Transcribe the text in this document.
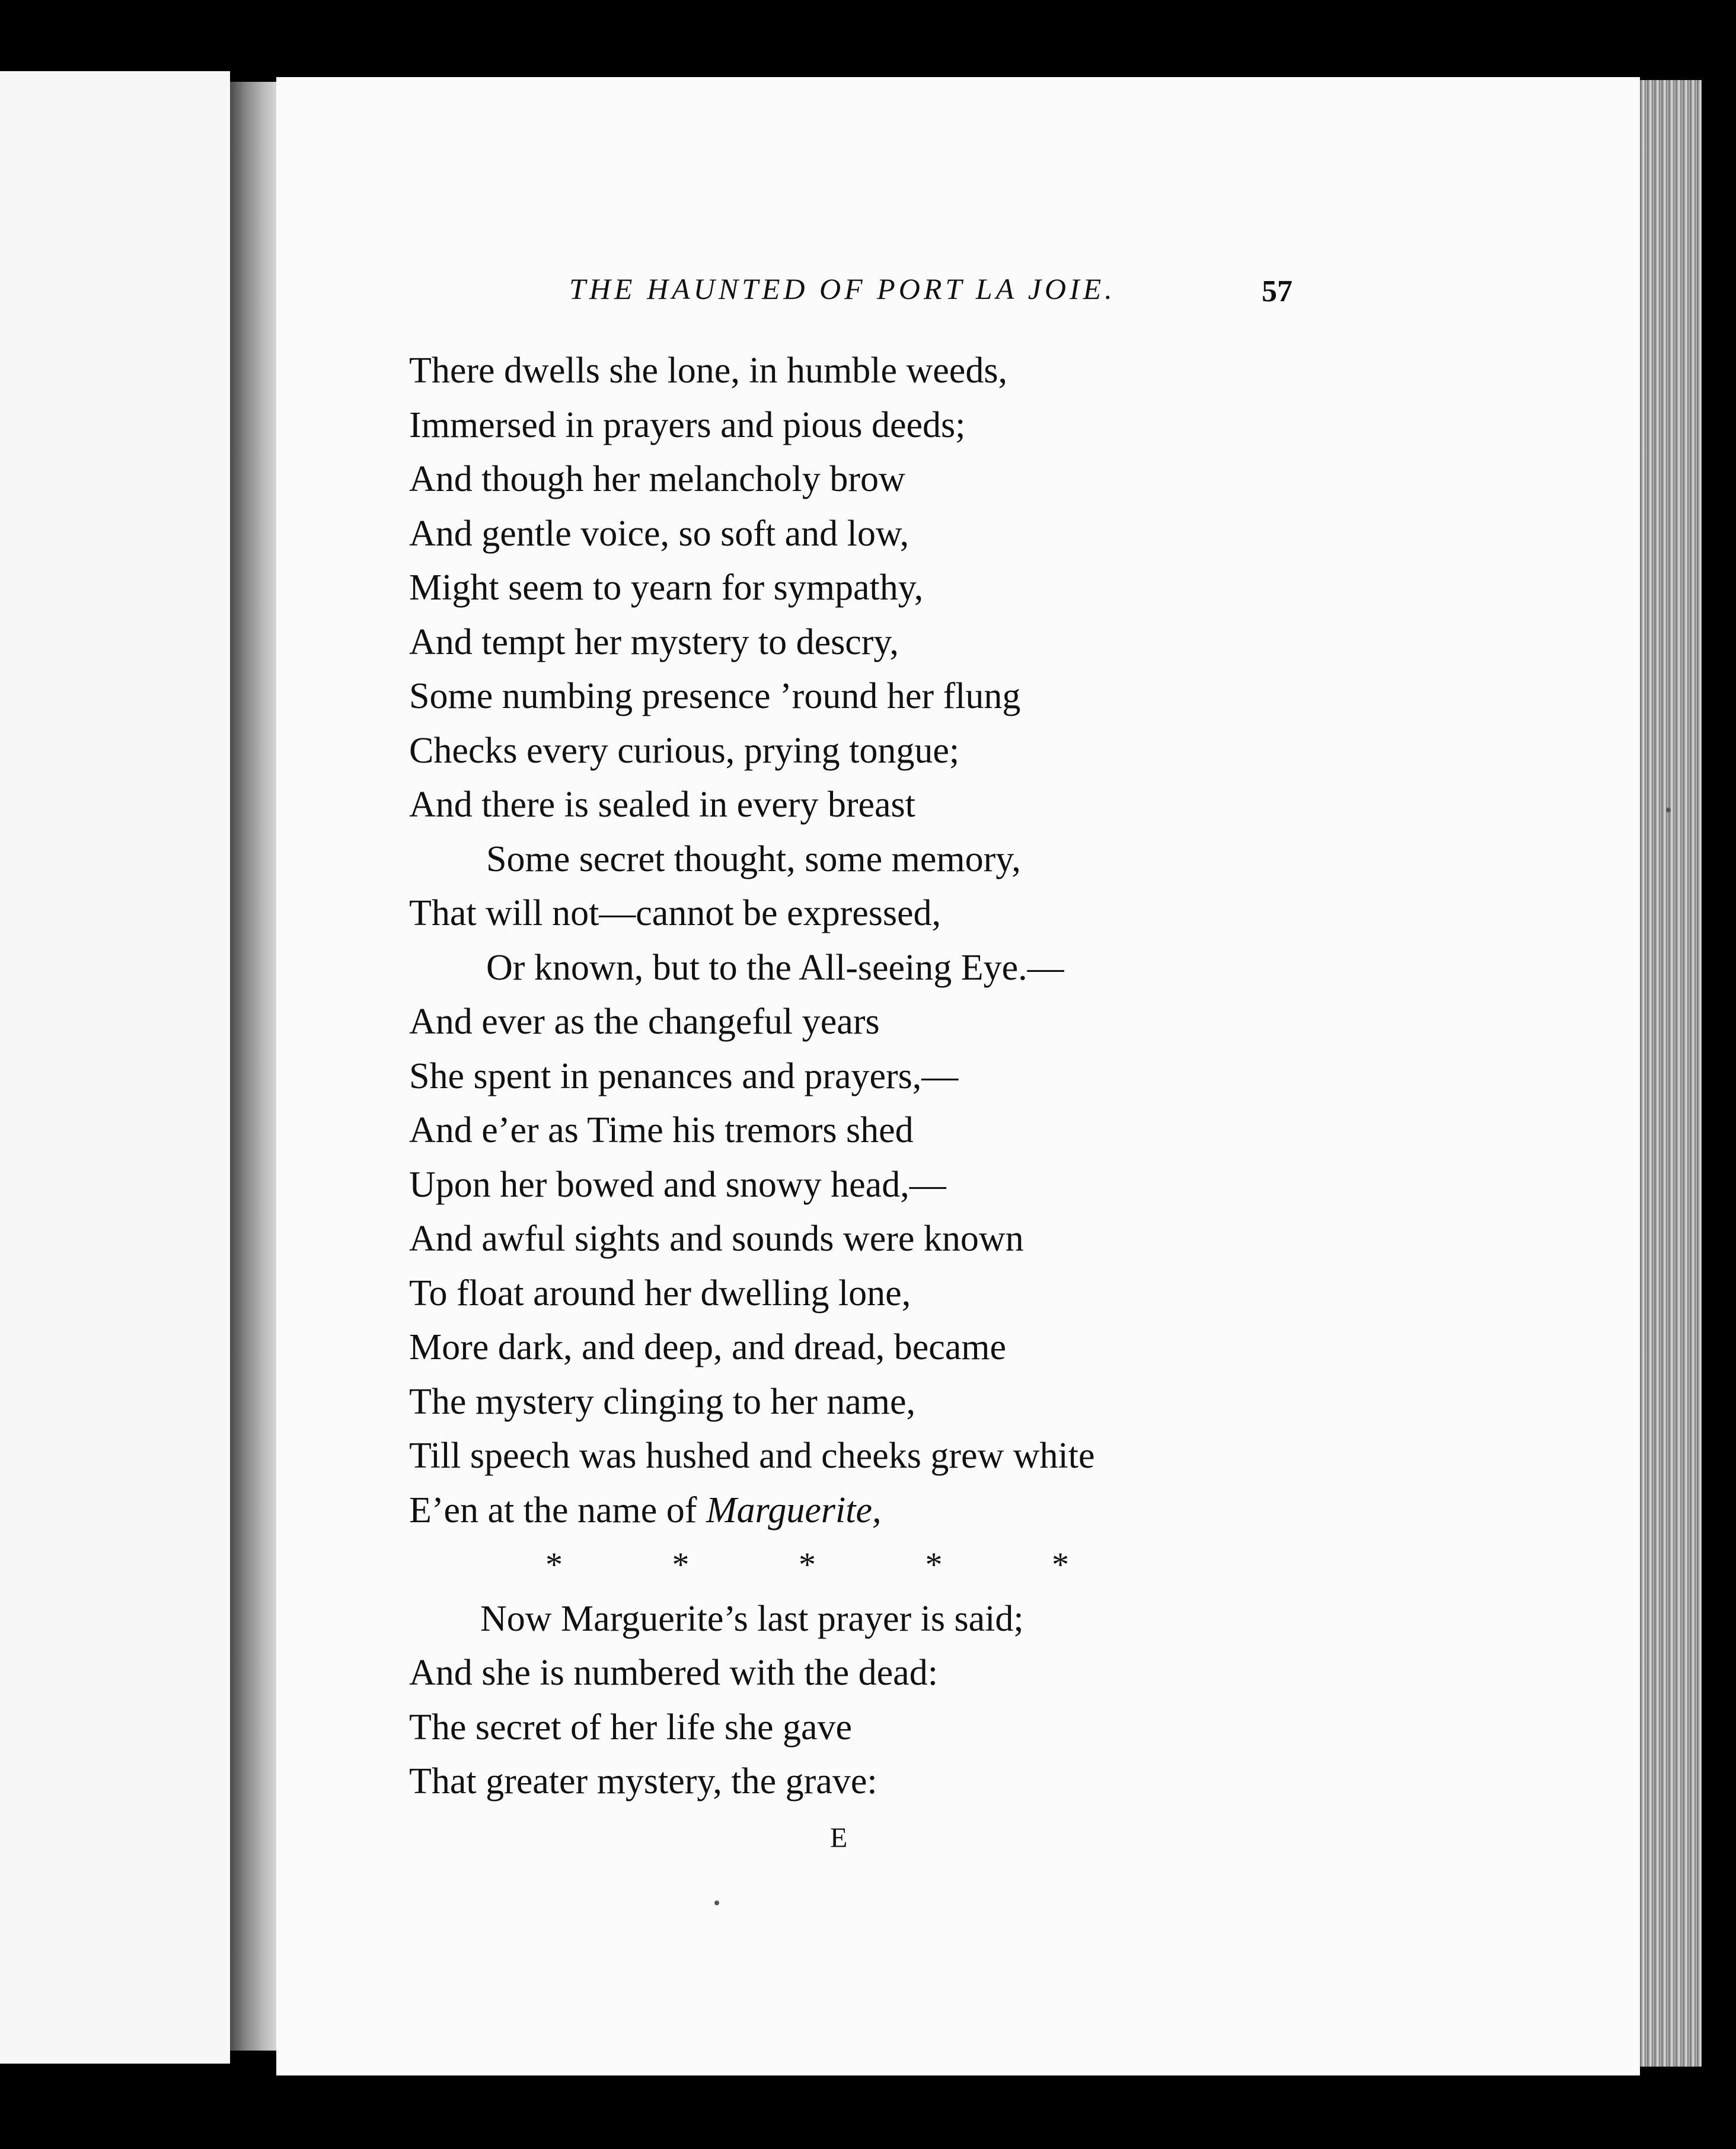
THE HAUNTED OF PORT LA JOIE.	57
There dwells she lone, in humble weeds,
Immersed in prayers and pious deeds;
And though her melancholy brow
And gentle voice, so soft and low,
Might seem to yearn for sympathy,
And tempt her mystery to descry,
Some numbing presence ’round her flung
Checks every curious, prying tongue;
And there is sealed in every breast
Some secret thought, some memory,
That will not—cannot be expressed,
Or known, but to the All-seeing Eye.—
And ever as the changeful years
She spent in penances and prayers,—
And e’er as Time his tremors shed
Upon her bowed and snowy head,—
And awful sights and sounds were known
To float around her dwelling lone,
More dark, and deep, and dread, became
The mystery clinging to her name,
Till speech was hushed and cheeks grew white
E’en at the name of Marguerite,
* * * * *
Now Marguerite’s last prayer is said;
And she is numbered with the dead:
The secret of her life she gave
That greater mystery, the grave:
E
